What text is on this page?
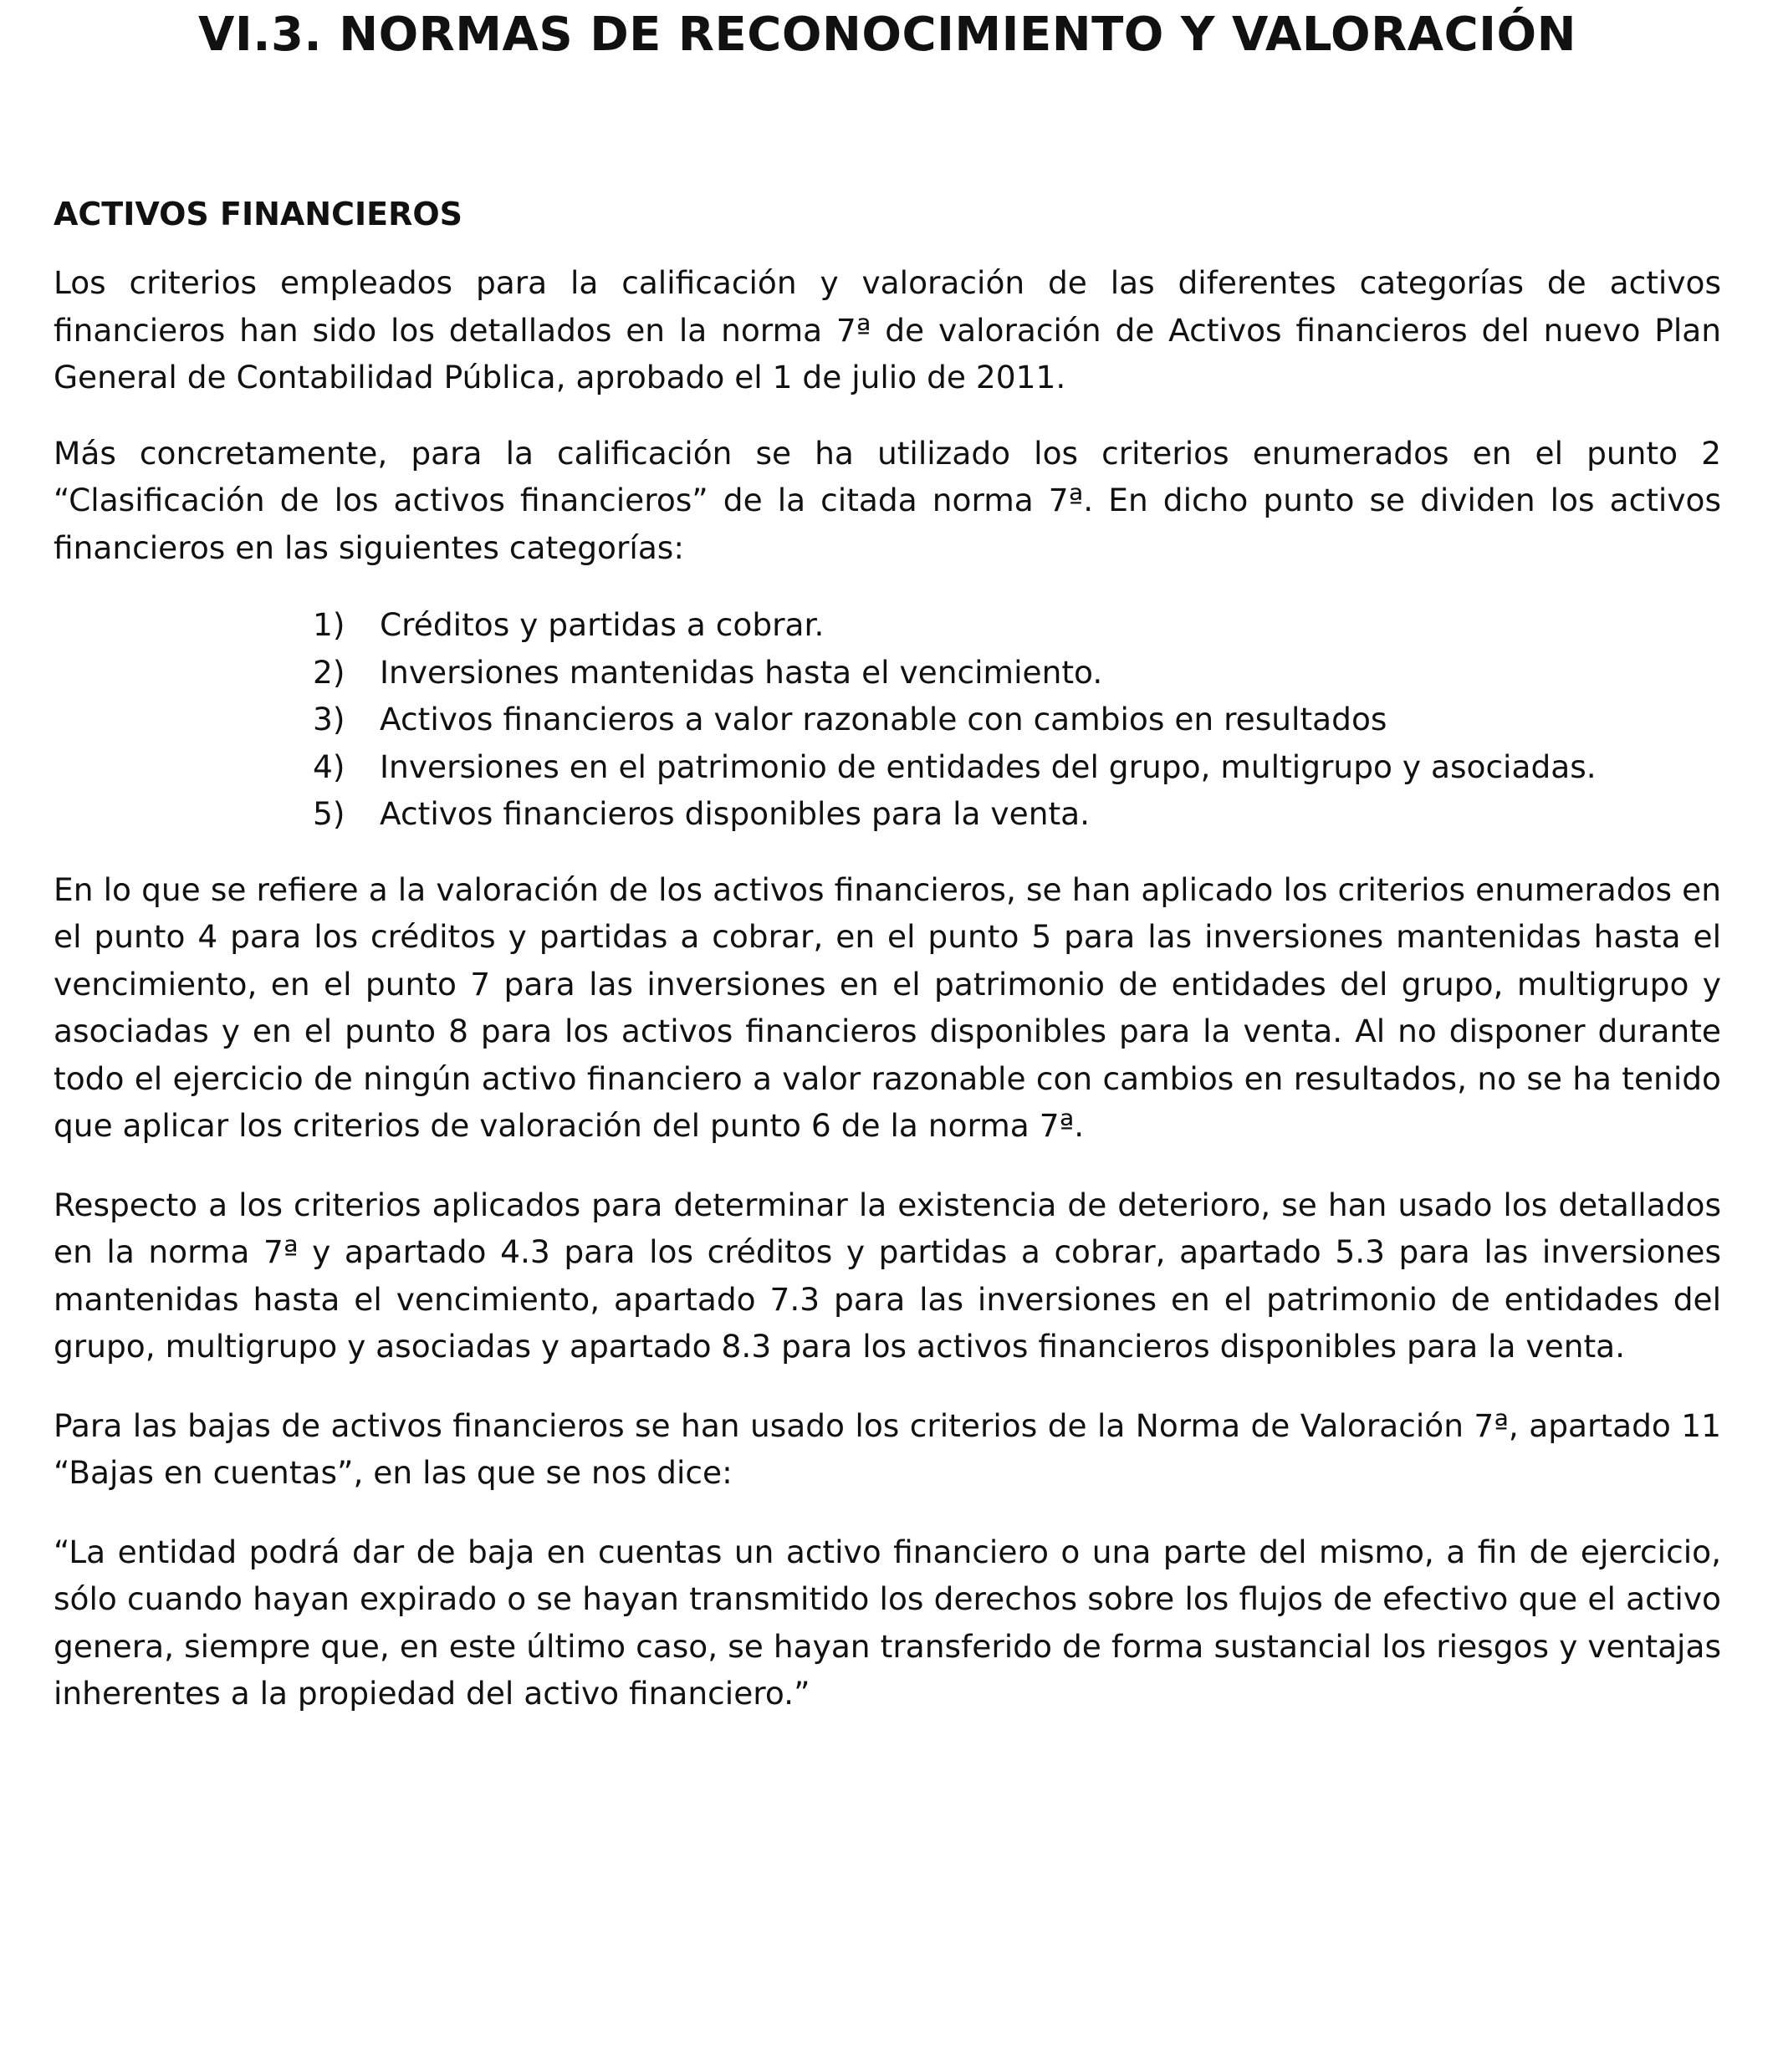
VI.3. NORMAS DE RECONOCIMIENTO Y VALORACIÓN
ACTIVOS FINANCIEROS

Los criterios empleados para la calificación y valoración de las diferentes categorías de activos financieros han sido los detallados en la norma 7ª de valoración de Activos financieros del nuevo Plan General de Contabilidad Pública, aprobado el 1 de julio de 2011.

Más concretamente, para la calificación se ha utilizado los criterios enumerados en el punto 2 “Clasificación de los activos financieros” de la citada norma 7ª. En dicho punto se dividen los activos financieros en las siguientes categorías:

1)	Créditos y partidas a cobrar.
2)	Inversiones mantenidas hasta el vencimiento.
3)	Activos financieros a valor razonable con cambios en resultados
4)	Inversiones en el patrimonio de entidades del grupo, multigrupo y asociadas.
5)	Activos financieros disponibles para la venta.

En lo que se refiere a la valoración de los activos financieros, se han aplicado los criterios enumerados en el punto 4 para los créditos y partidas a cobrar, en el punto 5 para las inversiones mantenidas hasta el vencimiento, en el punto 7 para las inversiones en el patrimonio de entidades del grupo, multigrupo y asociadas y en el punto 8 para los activos financieros disponibles para la venta. Al no disponer durante todo el ejercicio de ningún activo financiero a valor razonable con cambios en resultados, no se ha tenido que aplicar los criterios de valoración del punto 6 de la norma 7ª.

Respecto a los criterios aplicados para determinar la existencia de deterioro, se han usado los detallados en la norma 7ª y apartado 4.3 para los créditos y partidas a cobrar, apartado 5.3 para las inversiones mantenidas hasta el vencimiento, apartado 7.3 para las inversiones en el patrimonio de entidades del grupo, multigrupo y asociadas y apartado 8.3 para los activos financieros disponibles para la venta.

Para las bajas de activos financieros se han usado los criterios de la Norma de Valoración 7ª, apartado 11 “Bajas en cuentas”, en las que se nos dice:

“La entidad podrá dar de baja en cuentas un activo financiero o una parte del mismo, a fin de ejercicio, sólo cuando hayan expirado o se hayan transmitido los derechos sobre los flujos de efectivo que el activo genera, siempre que, en este último caso, se hayan transferido de forma sustancial los riesgos y ventajas inherentes a la propiedad del activo financiero.”
